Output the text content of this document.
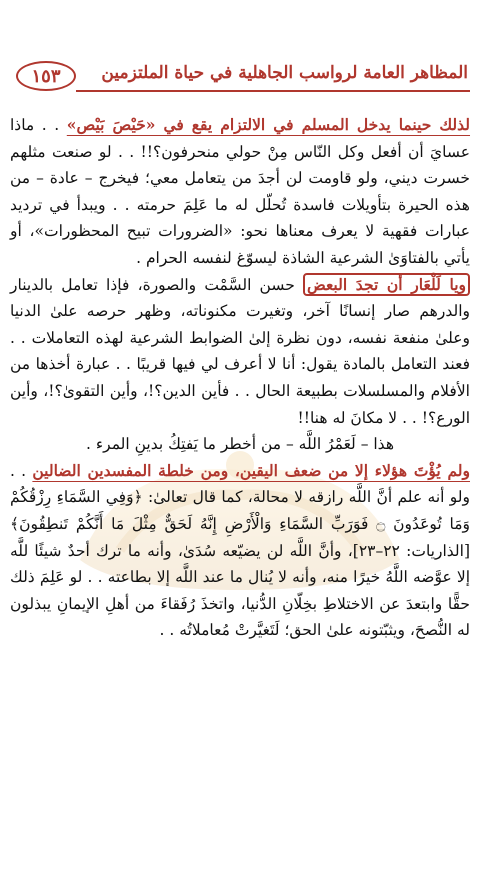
١٥٣	المظاهر العامة لرواسب الجاهلية في حياة الملتزمين

لذلك حينما يدخل المسلم في الالتزام يقع في «حَيْصَ بَيْص» . . ماذا عسايَ أن أفعل وكل النّاس مِنْ حولي منحرفون؟!! . . لو صنعت مثلهم خسرت ديني، ولو قاومت لن أجدَ من يتعامل معي؛ فيخرج – عادة – من هذه الحيرة بتأويلات فاسدة تُحلّل له ما عَلِمَ حرمته . . ويبدأ في ترديد عبارات فقهية لا يعرف معناها نحو: «الضرورات تبيح المحظورات»، أو يأتي بالفتاوَىٰ الشرعية الشاذة ليسوّغ لنفسه الحرام .

ويا لَلْعَار أن تجدَ البعض حسن السَّمْت والصورة، فإذا تعامل بالدينار والدرهم صار إنسانًا آخر، وتغيرت مكنوناته، وظهر حرصه علىٰ الدنيا وعلىٰ منفعة نفسه، دون نظرة إلىٰ الضوابط الشرعية لهذه التعاملات . . فعند التعامل بالمادة يقول: أنا لا أعرف لي فيها قريبًا . . عبارة أخذها من الأفلام والمسلسلات بطبيعة الحال . . فأين الدين؟!، وأين التقوىٰ؟!، وأين الورع؟! . . لا مكانَ له هنا!!

هذا – لَعَمْرُ اللَّه – من أخطر ما يَفتِكُ بدينِ المرء .

ولم يُؤْتَ هؤلاء إلا من ضعف اليقين، ومن خلطة المفسدين الضالين . . ولو أنه علم أنَّ اللَّه رازقه لا محالة، كما قال تعالىٰ: ﴿وَفِي السَّمَاءِ رِزْقُكُمْ وَمَا تُوعَدُونَ ۝ فَوَرَبِّ السَّمَاءِ وَالْأَرْضِ إِنَّهُ لَحَقٌّ مِثْلَ مَا أَنَّكُمْ تَنطِقُونَ﴾ [الذاريات: ٢٢–٢٣]، وأنَّ اللَّه لن يضيّعه سُدَىٰ، وأنه ما ترك أحدٌ شيئًا للَّه إلا عوَّضه اللَّهُ خيرًا منه، وأنه لا يُنال ما عند اللَّه إلا بطاعته . . لو عَلِمَ ذلك حقًّا وابتعدَ عن الاختلاطِ بخِلّانِ الدُّنيا، واتخذَ رُفَقاءَ من أهلِ الإيمانِ يبذلون له النُّصحَ، ويثبّتونه علىٰ الحق؛ لَتَغيَّرتْ مُعاملاتُه . .
